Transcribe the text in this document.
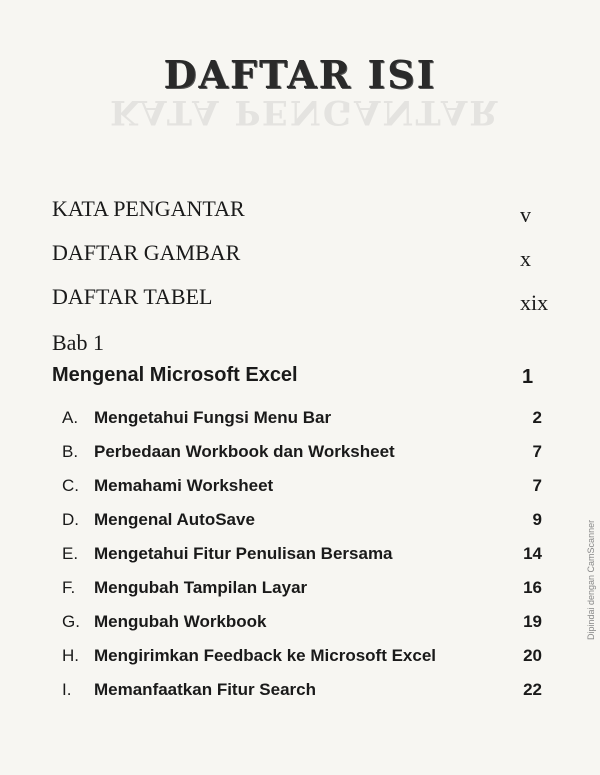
KATA PENGANTAR
DAFTAR ISI
KATA PENGANTAR	v
DAFTAR GAMBAR	x
DAFTAR TABEL	xix
Bab 1
Mengenal Microsoft Excel	1
A. Mengetahui Fungsi Menu Bar	2
B. Perbedaan Workbook dan Worksheet	7
C. Memahami Worksheet	7
D. Mengenal AutoSave	9
E. Mengetahui Fitur Penulisan Bersama	14
F. Mengubah Tampilan Layar	16
G. Mengubah Workbook	19
H. Mengirimkan Feedback ke Microsoft Excel	20
I. Memanfaatkan Fitur Search	22
Dipindai dengan CamScanner
